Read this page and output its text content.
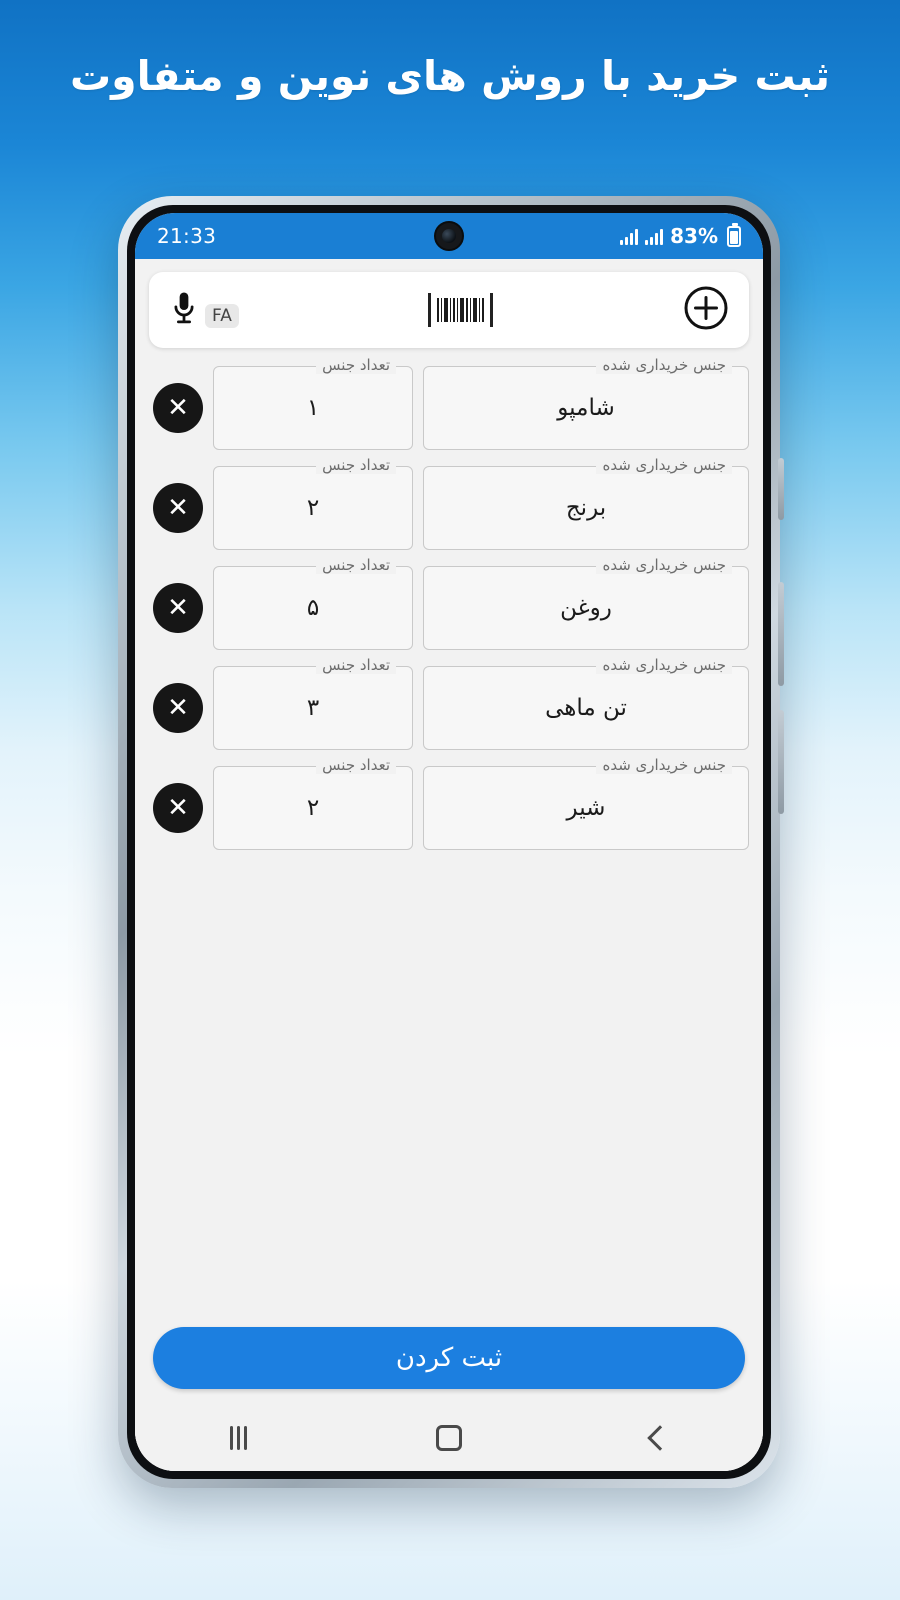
ثبت خرید با روش های نوین و متفاوت
21:33	83%
FA
جنس خریداری شده
شامپو
تعداد جنس
۱
✕
جنس خریداری شده
برنج
تعداد جنس
۲
✕
جنس خریداری شده
روغن
تعداد جنس
۵
✕
جنس خریداری شده
تن ماهی
تعداد جنس
۳
✕
جنس خریداری شده
شیر
تعداد جنس
۲
✕
ثبت کردن
